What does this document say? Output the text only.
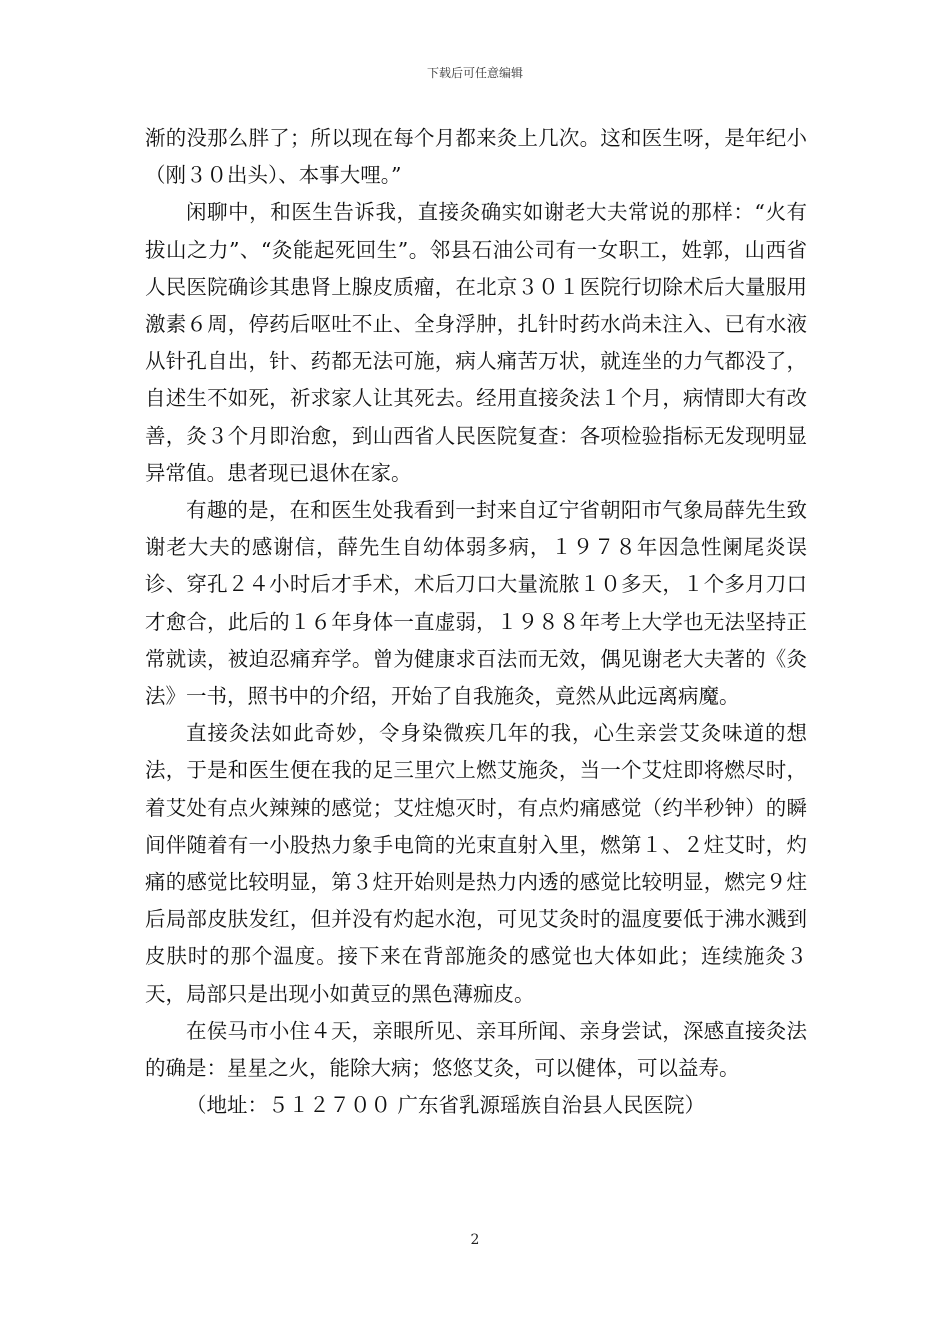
下载后可任意编辑

渐的没那么胖了；所以现在每个月都来灸上几次。这和医生呀，是年纪小（刚３０出头）、本事大哩。”

闲聊中，和医生告诉我，直接灸确实如谢老大夫常说的那样：“火有拔山之力”、“灸能起死回生”。邻县石油公司有一女职工，姓郭，山西省人民医院确诊其患肾上腺皮质瘤，在北京３０１医院行切除术后大量服用激素６周，停药后呕吐不止、全身浮肿，扎针时药水尚未注入、已有水液从针孔自出，针、药都无法可施，病人痛苦万状，就连坐的力气都没了，自述生不如死，祈求家人让其死去。经用直接灸法１个月，病情即大有改善，灸３个月即治愈，到山西省人民医院复查：各项检验指标无发现明显异常值。患者现已退休在家。

有趣的是，在和医生处我看到一封来自辽宁省朝阳市气象局薛先生致谢老大夫的感谢信，薛先生自幼体弱多病，１９７８年因急性阑尾炎误诊、穿孔２４小时后才手术，术后刀口大量流脓１０多天，１个多月刀口才愈合，此后的１６年身体一直虚弱，１９８８年考上大学也无法坚持正常就读，被迫忍痛弃学。曾为健康求百法而无效，偶见谢老大夫著的《灸法》一书，照书中的介绍，开始了自我施灸，竟然从此远离病魔。

直接灸法如此奇妙，令身染微疾几年的我，心生亲尝艾灸味道的想法，于是和医生便在我的足三里穴上燃艾施灸，当一个艾炷即将燃尽时，着艾处有点火辣辣的感觉；艾炷熄灭时，有点灼痛感觉（约半秒钟）的瞬间伴随着有一小股热力象手电筒的光束直射入里，燃第１、２炷艾时，灼痛的感觉比较明显，第３炷开始则是热力内透的感觉比较明显，燃完９炷后局部皮肤发红，但并没有灼起水泡，可见艾灸时的温度要低于沸水溅到皮肤时的那个温度。接下来在背部施灸的感觉也大体如此；连续施灸３天，局部只是出现小如黄豆的黑色薄痂皮。

在侯马市小住４天，亲眼所见、亲耳所闻、亲身尝试，深感直接灸法的确是：星星之火，能除大病；悠悠艾灸，可以健体，可以益寿。

（地址：５１２７００ 广东省乳源瑶族自治县人民医院）

2
